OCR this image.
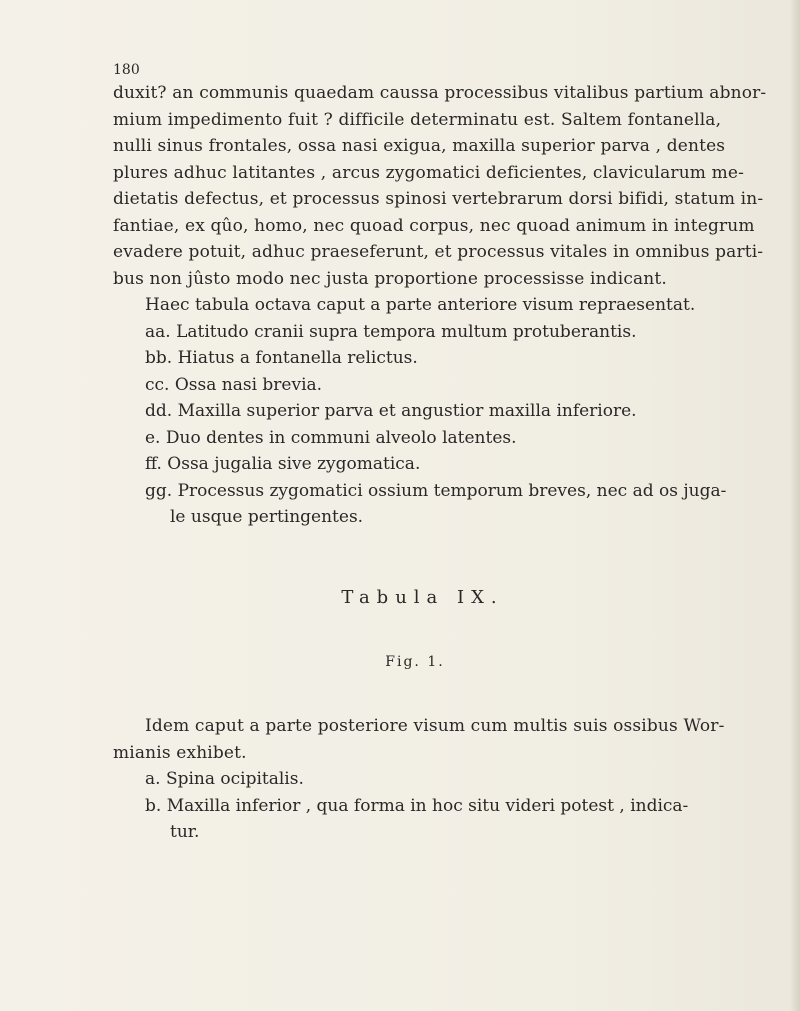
180
duxit? an communis quaedam caussa processibus vitalibus partium abnor-
mium impedimento fuit ? difficile determinatu est. Saltem fontanella,
nulli sinus frontales, ossa nasi exigua, maxilla superior parva , dentes
plures adhuc latitantes , arcus zygomatici deficientes, clavicularum me-
dietatis defectus, et processus spinosi vertebrarum dorsi bifidi, statum in-
fantiae, ex qûo, homo, nec quoad corpus, nec quoad animum in integrum
evadere potuit, adhuc praeseferunt, et processus vitales in omnibus parti-
bus non jûsto modo nec justa proportione processisse indicant.
Haec tabula octava caput a parte anteriore visum repraesentat.
aa. Latitudo cranii supra tempora multum protuberantis.
bb. Hiatus a fontanella relictus.
cc. Ossa nasi brevia.
dd. Maxilla superior parva et angustior maxilla inferiore.
e. Duo dentes in communi alveolo latentes.
ff. Ossa jugalia sive zygomatica.
gg. Processus zygomatici ossium temporum breves, nec ad os juga-
le usque pertingentes.
Tabula IX.
Fig. 1.
Idem caput a parte posteriore visum cum multis suis ossibus Wor-
mianis exhibet.
a. Spina ocipitalis.
b. Maxilla inferior , qua forma in hoc situ videri potest , indica-
tur.
